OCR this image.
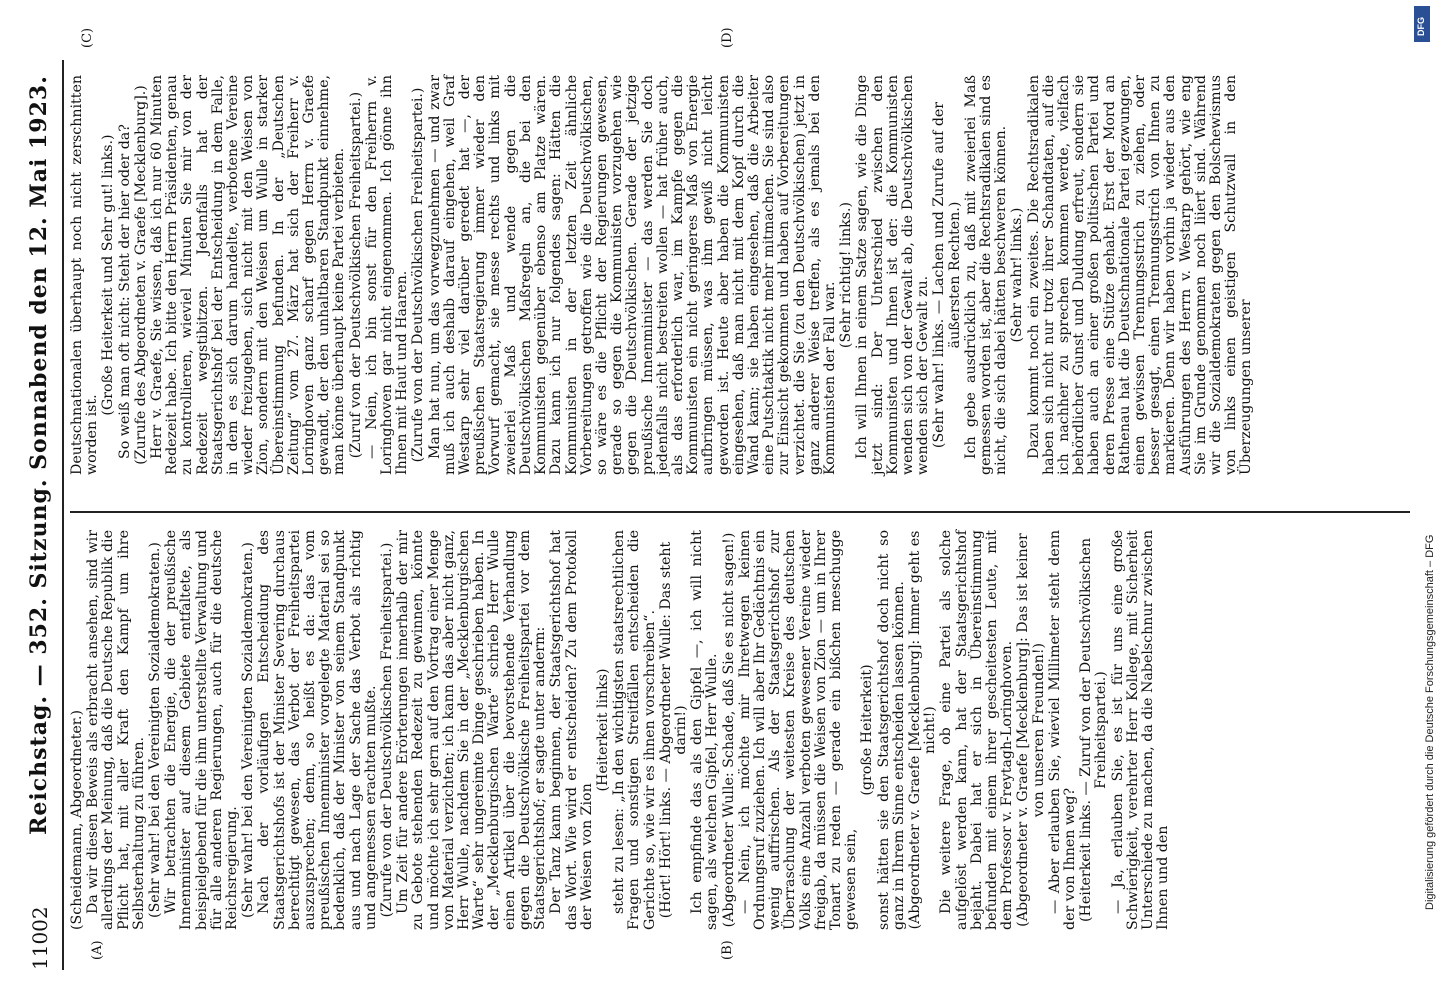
11002
Reichstag. — 352. Sitzung. Sonnabend den 12. Mai 1923.
(A)	(B)
(C)	(D)

(Scheidemann, Abgeordneter.) Da wir diesen Beweis als erbracht ansehen, sind wir allerdings der Meinung, daß die Deutsche Republik die Pflicht hat, mit aller Kraft den Kampf um ihre Selbsterhaltung zu führen. (Sehr wahr! bei den Vereinigten Sozialdemokraten.) Wir betrachten die Energie, die der preußische Innenminister auf diesem Gebiete entfaltete, als beispielgebend für die ihm unterstellte Verwaltung und für alle anderen Regierungen, auch für die deutsche Reichsregierung. (Sehr wahr! bei den Vereinigten Sozialdemokraten.) Nach der vorläufigen Entscheidung des Staatsgerichtshofs ist der Minister Severing durchaus berechtigt gewesen, das Verbot der Freiheitspartei auszusprechen; denn, so heißt es da: das vom preußischen Innenminister vorgelegte Material sei so bedenklich, daß der Minister von seinem Standpunkt aus und nach Lage der Sache das Verbot als richtig und angemessen erachten mußte. (Zurufe von der Deutschvölkischen Freiheitspartei.) Um Zeit für andere Erörterungen innerhalb der mir zu Gebote stehenden Redezeit zu gewinnen, könnte und möchte ich sehr gern auf den Vortrag einer Menge von Material verzichten; ich kann das aber nicht ganz, Herr Wulle, nachdem Sie in der „Mecklenburgischen Warte“ sehr ungereimte Dinge geschrieben haben. In der „Mecklenburgischen Warte“ schrieb Herr Wulle einen Artikel über die bevorstehende Verhandlung gegen die Deutschvölkische Freiheitspartei vor dem Staatsgerichtshof; er sagte unter anderm: Der Tanz kann beginnen, der Staatsgerichtshof hat das Wort. Wie wird er entscheiden? Zu dem Protokoll der Weisen von Zion

(Heiterkeit links) steht zu lesen: „In den wichtigsten staatsrechtlichen Fragen und sonstigen Streitfällen entscheiden die Gerichte so, wie wir es ihnen vorschreiben“. (Hört! Hört! links. — Abgeordneter Wulle: Das steht darin!) Ich empfinde das als den Gipfel —, ich will nicht sagen, als welchen Gipfel, Herr Wulle. (Abgeordneter Wulle: Schade, daß Sie es nicht sagen!) — Nein, ich möchte mir Ihretwegen keinen Ordnungsruf zuziehen. Ich will aber Ihr Gedächtnis ein wenig auffrischen. Als der Staatsgerichtshof zur Überraschung der weitesten Kreise des deutschen Volks eine Anzahl verboten gewesener Vereine wieder freigab, da müssen die Weisen von Zion — um in Ihrer Tonart zu reden — gerade ein bißchen meschugge gewesen sein,

(große Heiterkeit) sonst hätten sie den Staatsgerichtshof doch nicht so ganz in Ihrem Sinne entscheiden lassen können. (Abgeordneter v. Graefe [Mecklenburg]: Immer geht es nicht!) Die weitere Frage, ob eine Partei als solche aufgelöst werden kann, hat der Staatsgerichtshof bejaht. Dabei hat er sich in Übereinstimmung befunden mit einem ihrer gescheitesten Leute, mit dem Professor v. Freytagh-Loringhoven. (Abgeordneter v. Graefe [Mecklenburg]: Das ist keiner von unseren Freunden!) — Aber erlauben Sie, wieviel Millimeter steht denn der von Ihnen weg? (Heiterkeit links. — Zuruf von der Deutschvölkischen Freiheitspartei.) — Ja, erlauben Sie, es ist für uns eine große Schwierigkeit, verehrter Herr Kollege, mit Sicherheit Unterschiede zu machen, da die Nabelschnur zwischen Ihnen und den

Deutschnationalen überhaupt noch nicht zerschnitten worden ist.

(Große Heiterkeit und Sehr gut! links.) So weiß man oft nicht: Steht der hier oder da? (Zurufe des Abgeordneten v. Graefe [Mecklenburg].) Herr v. Graefe, Sie wissen, daß ich nur 60 Minuten Redezeit habe. Ich bitte den Herrn Präsidenten, genau zu kontrollieren, wieviel Minuten Sie mir von der Redezeit wegstibitzen. Jedenfalls hat der Staatsgerichtshof bei der Entscheidung in dem Falle, in dem es sich darum handelte, verbotene Vereine wieder freizugeben, sich nicht mit den Weisen von Zion, sondern mit den Weisen um Wulle in starker Übereinstimmung befunden. In der „Deutschen Zeitung“ vom 27. März hat sich der Freiherr v. Loringhoven ganz scharf gegen Herrn v. Graefe gewandt, der den unhaltbaren Standpunkt einnehme, man könne überhaupt keine Partei verbieten. (Zuruf von der Deutschvölkischen Freiheitspartei.) — Nein, ich bin sonst für den Freiherrn v. Loringhoven gar nicht eingenommen. Ich gönne ihn Ihnen mit Haut und Haaren. (Zurufe von der Deutschvölkischen Freiheitspartei.) Man hat nun, um das vorwegzunehmen — und zwar muß ich auch deshalb darauf eingehen, weil Graf Westarp sehr viel darüber geredet hat —, der preußischen Staatsregierung immer wieder den Vorwurf gemacht, sie messe rechts und links mit zweierlei Maß und wende gegen die Deutschvölkischen Maßregeln an, die bei den Kommunisten gegenüber ebenso am Platze wären. Dazu kann ich nur folgendes sagen: Hätten die Kommunisten in der letzten Zeit ähnliche Vorbereitungen getroffen wie die Deutschvölkischen, so wäre es die Pflicht der Regierungen gewesen, gerade so gegen die Kommunisten vorzugehen wie gegen die Deutschvölkischen. Gerade der jetzige preußische Innenminister — das werden Sie doch jedenfalls nicht bestreiten wollen — hat früher auch, als das erforderlich war, im Kampfe gegen die Kommunisten ein nicht geringeres Maß von Energie aufbringen müssen, was ihm gewiß nicht leicht geworden ist. Heute aber haben die Kommunisten eingesehen, daß man nicht mit dem Kopf durch die Wand kann; sie haben eingesehen, daß die Arbeiter eine Putschtaktik nicht mehr mitmachen. Sie sind also zur Einsicht gekommen und haben auf Vorbereitungen verzichtet. die Sie (zu den Deutschvölkischen) jetzt in ganz anderer Weise treffen, als es jemals bei den Kommunisten der Fall war.

(Sehr richtig! links.) Ich will Ihnen in einem Satze sagen, wie die Dinge jetzt sind: Der Unterschied zwischen den Kommunisten und Ihnen ist der: die Kommunisten wenden sich von der Gewalt ab, die Deutschvölkischen wenden sich der Gewalt zu. (Sehr wahr! links. — Lachen und Zurufe auf der äußersten Rechten.) Ich gebe ausdrücklich zu, daß mit zweierlei Maß gemessen worden ist, aber die Rechtsradikalen sind es nicht, die sich dabei hätten beschweren können. (Sehr wahr! links.) Dazu kommt noch ein zweites. Die Rechtsradikalen haben sich nicht nur trotz ihrer Schandtaten, auf die ich nachher zu sprechen kommen werde, vielfach behördlicher Gunst und Duldung erfreut, sondern sie haben auch an einer großen politischen Partei und deren Presse eine Stütze gehabt. Erst der Mord an Rathenau hat die Deutschnationale Partei gezwungen, einen gewissen Trennungsstrich zu ziehen, oder besser gesagt, einen Trennungsstrich von Ihnen zu markieren. Denn wir haben vorhin ja wieder aus den Ausführungen des Herrn v. Westarp gehört, wie eng Sie im Grunde genommen noch liiert sind. Während wir die Sozialdemokraten gegen den Bolschewismus von links einen geistigen Schutzwall in den Überzeugungen unserer

DFG
Digitalisierung gefördert durch die Deutsche Forschungsgemeinschaft – DFG
